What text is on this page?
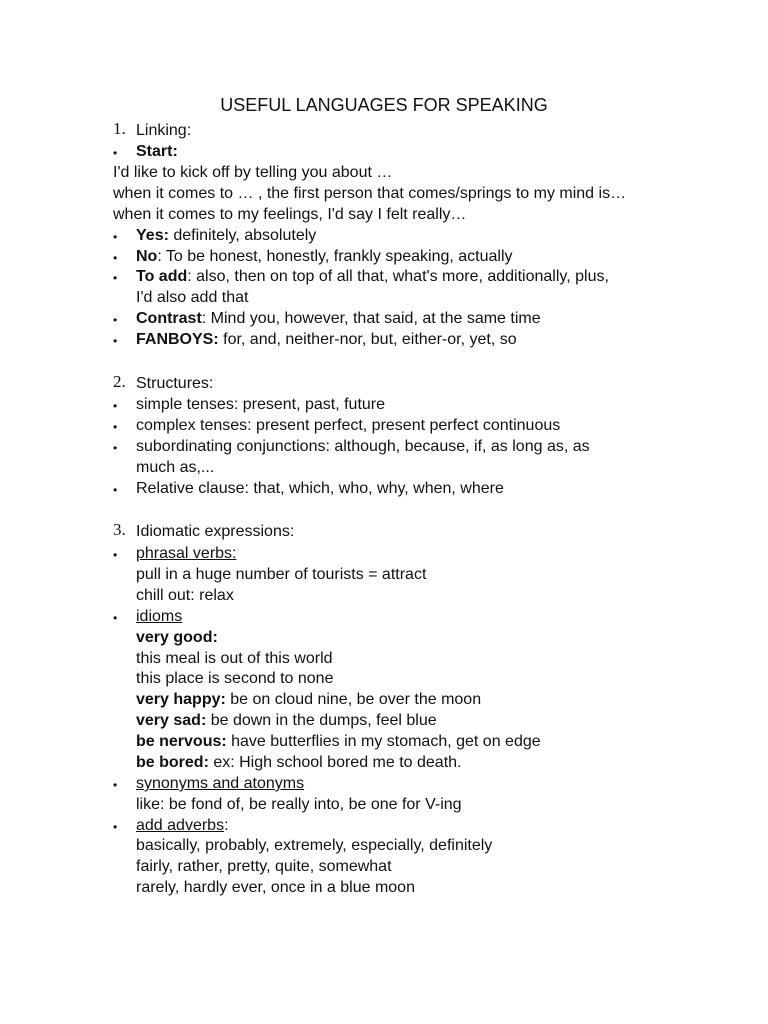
USEFUL LANGUAGES FOR SPEAKING
1. Linking:
• Start:
I'd like to kick off by telling you about …
when it comes to … , the first person that comes/springs to my mind is…
when it comes to my feelings, I'd say I felt really…
• Yes: definitely, absolutely
• No: To be honest, honestly, frankly speaking, actually
• To add: also, then on top of all that, what's more, additionally, plus,
I'd also add that
• Contrast: Mind you, however, that said, at the same time
• FANBOYS: for, and, neither-nor, but, either-or, yet, so
2. Structures:
• simple tenses: present, past, future
• complex tenses: present perfect, present perfect continuous
• subordinating conjunctions: although, because, if, as long as, as
much as,...
• Relative clause: that, which, who, why, when, where
3. Idiomatic expressions:
• phrasal verbs:
pull in a huge number of tourists = attract
chill out: relax
• idioms
very good:
this meal is out of this world
this place is second to none
very happy: be on cloud nine, be over the moon
very sad: be down in the dumps, feel blue
be nervous: have butterflies in my stomach, get on edge
be bored: ex: High school bored me to death.
• synonyms and atonyms
like: be fond of, be really into, be one for V-ing
• add adverbs:
basically, probably, extremely, especially, definitely
fairly, rather, pretty, quite, somewhat
rarely, hardly ever, once in a blue moon
